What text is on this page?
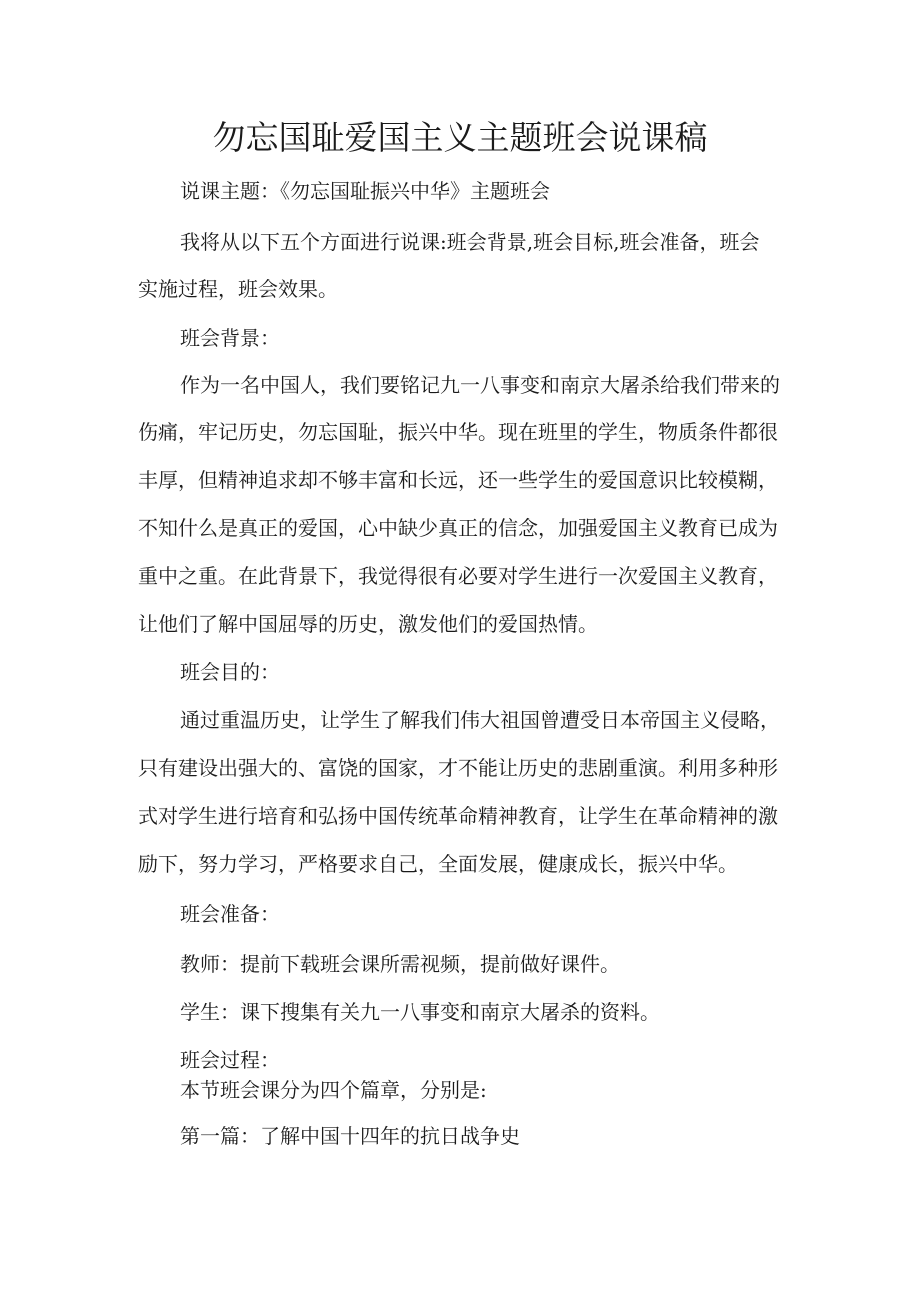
勿忘国耻爱国主义主题班会说课稿
说课主题：《勿忘国耻振兴中华》主题班会
我将从以下五个方面进行说课:班会背景,班会目标,班会准备，班会
实施过程，班会效果。
班会背景：
作为一名中国人，我们要铭记九一八事变和南京大屠杀给我们带来的
伤痛，牢记历史，勿忘国耻，振兴中华。现在班里的学生，物质条件都很
丰厚，但精神追求却不够丰富和长远，还一些学生的爱国意识比较模糊，
不知什么是真正的爱国，心中缺少真正的信念，加强爱国主义教育已成为
重中之重。在此背景下，我觉得很有必要对学生进行一次爱国主义教育，
让他们了解中国屈辱的历史，激发他们的爱国热情。
班会目的：
通过重温历史，让学生了解我们伟大祖国曾遭受日本帝国主义侵略，
只有建设出强大的、富饶的国家，才不能让历史的悲剧重演。利用多种形
式对学生进行培育和弘扬中国传统革命精神教育，让学生在革命精神的激
励下，努力学习，严格要求自己，全面发展，健康成长，振兴中华。
班会准备：
教师：提前下载班会课所需视频，提前做好课件。
学生：课下搜集有关九一八事变和南京大屠杀的资料。
班会过程：
本节班会课分为四个篇章，分别是:
第一篇：了解中国十四年的抗日战争史
